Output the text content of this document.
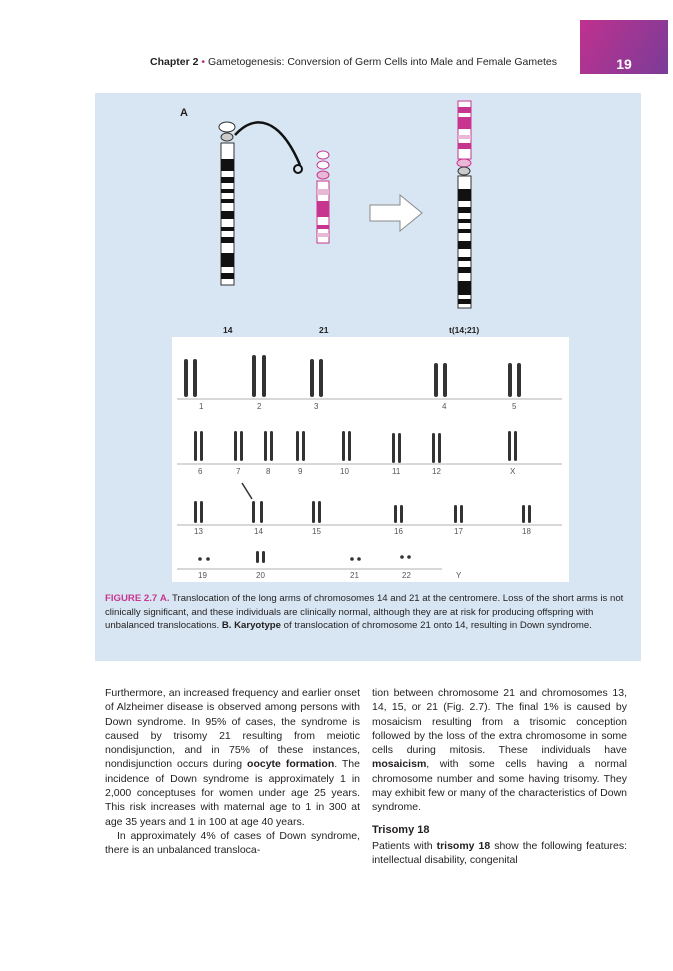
Chapter 2 • Gametogenesis: Conversion of Germ Cells into Male and Female Gametes	19
A
14	21	t(14;21)
1	2	3	4	5
6	7	8	9	10	11	12	X
13	14	15	16	17	18
19	20	21	22	Y
FIGURE 2.7 A. Translocation of the long arms of chromosomes 14 and 21 at the centromere. Loss of the short arms is not clinically significant, and these individuals are clinically normal, although they are at risk for producing offspring with unbalanced translocations. B. Karyotype of translocation of chromosome 21 onto 14, resulting in Down syndrome.

Furthermore, an increased frequency and earlier onset of Alzheimer disease is observed among persons with Down syndrome. In 95% of cases, the syndrome is caused by trisomy 21 resulting from meiotic nondisjunction, and in 75% of these instances, nondisjunction occurs during oocyte formation. The incidence of Down syndrome is approximately 1 in 2,000 conceptuses for women under age 25 years. This risk increases with maternal age to 1 in 300 at age 35 years and 1 in 100 at age 40 years.

In approximately 4% of cases of Down syndrome, there is an unbalanced transloca-

tion between chromosome 21 and chromosomes 13, 14, 15, or 21 (Fig. 2.7). The final 1% is caused by mosaicism resulting from a trisomic conception followed by the loss of the extra chromosome in some cells during mitosis. These individuals have mosaicism, with some cells having a normal chromosome number and some having trisomy. They may exhibit few or many of the characteristics of Down syndrome.

Trisomy 18

Patients with trisomy 18 show the following features: intellectual disability, congenital
